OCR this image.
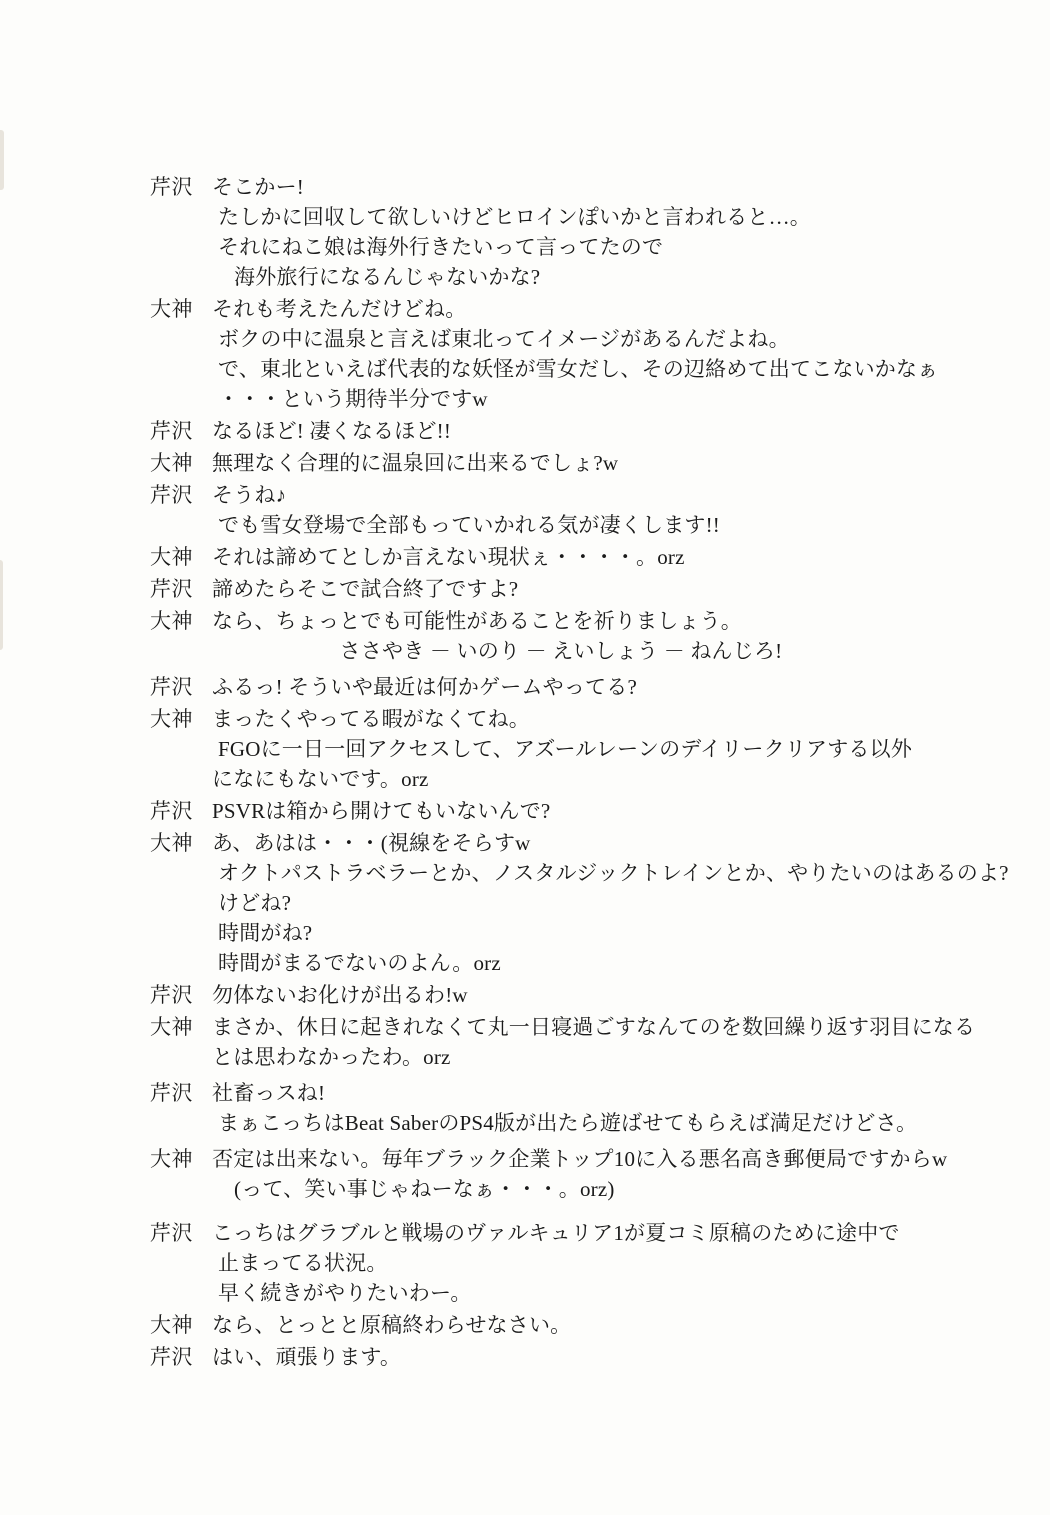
芹沢 そこかー!
たしかに回収して欲しいけどヒロインぽいかと言われると…。
それにねこ娘は海外行きたいって言ってたので
海外旅行になるんじゃないかな?
大神 それも考えたんだけどね。
ボクの中に温泉と言えば東北ってイメージがあるんだよね。
で、東北といえば代表的な妖怪が雪女だし、その辺絡めて出てこないかなぁ
・・・という期待半分ですw
芹沢 なるほど! 凄くなるほど!!
大神 無理なく合理的に温泉回に出来るでしょ?w
芹沢 そうね♪
でも雪女登場で全部もっていかれる気が凄くします!!
大神 それは諦めてとしか言えない現状ぇ・・・・。orz
芹沢 諦めたらそこで試合終了ですよ?
大神 なら、ちょっとでも可能性があることを祈りましょう。
ささやき － いのり － えいしょう － ねんじろ!
芹沢 ふるっ! そういや最近は何かゲームやってる?
大神 まったくやってる暇がなくてね。
FGOに一日一回アクセスして、アズールレーンのデイリークリアする以外
になにもないです。orz
芹沢 PSVRは箱から開けてもいないんで?
大神 あ、あはは・・・(視線をそらすw
オクトパストラベラーとか、ノスタルジックトレインとか、やりたいのはあるのよ?
けどね?
時間がね?
時間がまるでないのよん。orz
芹沢 勿体ないお化けが出るわ!w
大神 まさか、休日に起きれなくて丸一日寝過ごすなんてのを数回繰り返す羽目になる
とは思わなかったわ。orz
芹沢 社畜っスね!
まぁこっちはBeat SaberのPS4版が出たら遊ばせてもらえば満足だけどさ。
大神 否定は出来ない。毎年ブラック企業トップ10に入る悪名高き郵便局ですからw
(って、笑い事じゃねーなぁ・・・。orz)
芹沢 こっちはグラブルと戦場のヴァルキュリア1が夏コミ原稿のために途中で
止まってる状況。
早く続きがやりたいわー。
大神 なら、とっとと原稿終わらせなさい。
芹沢 はい、頑張ります。
